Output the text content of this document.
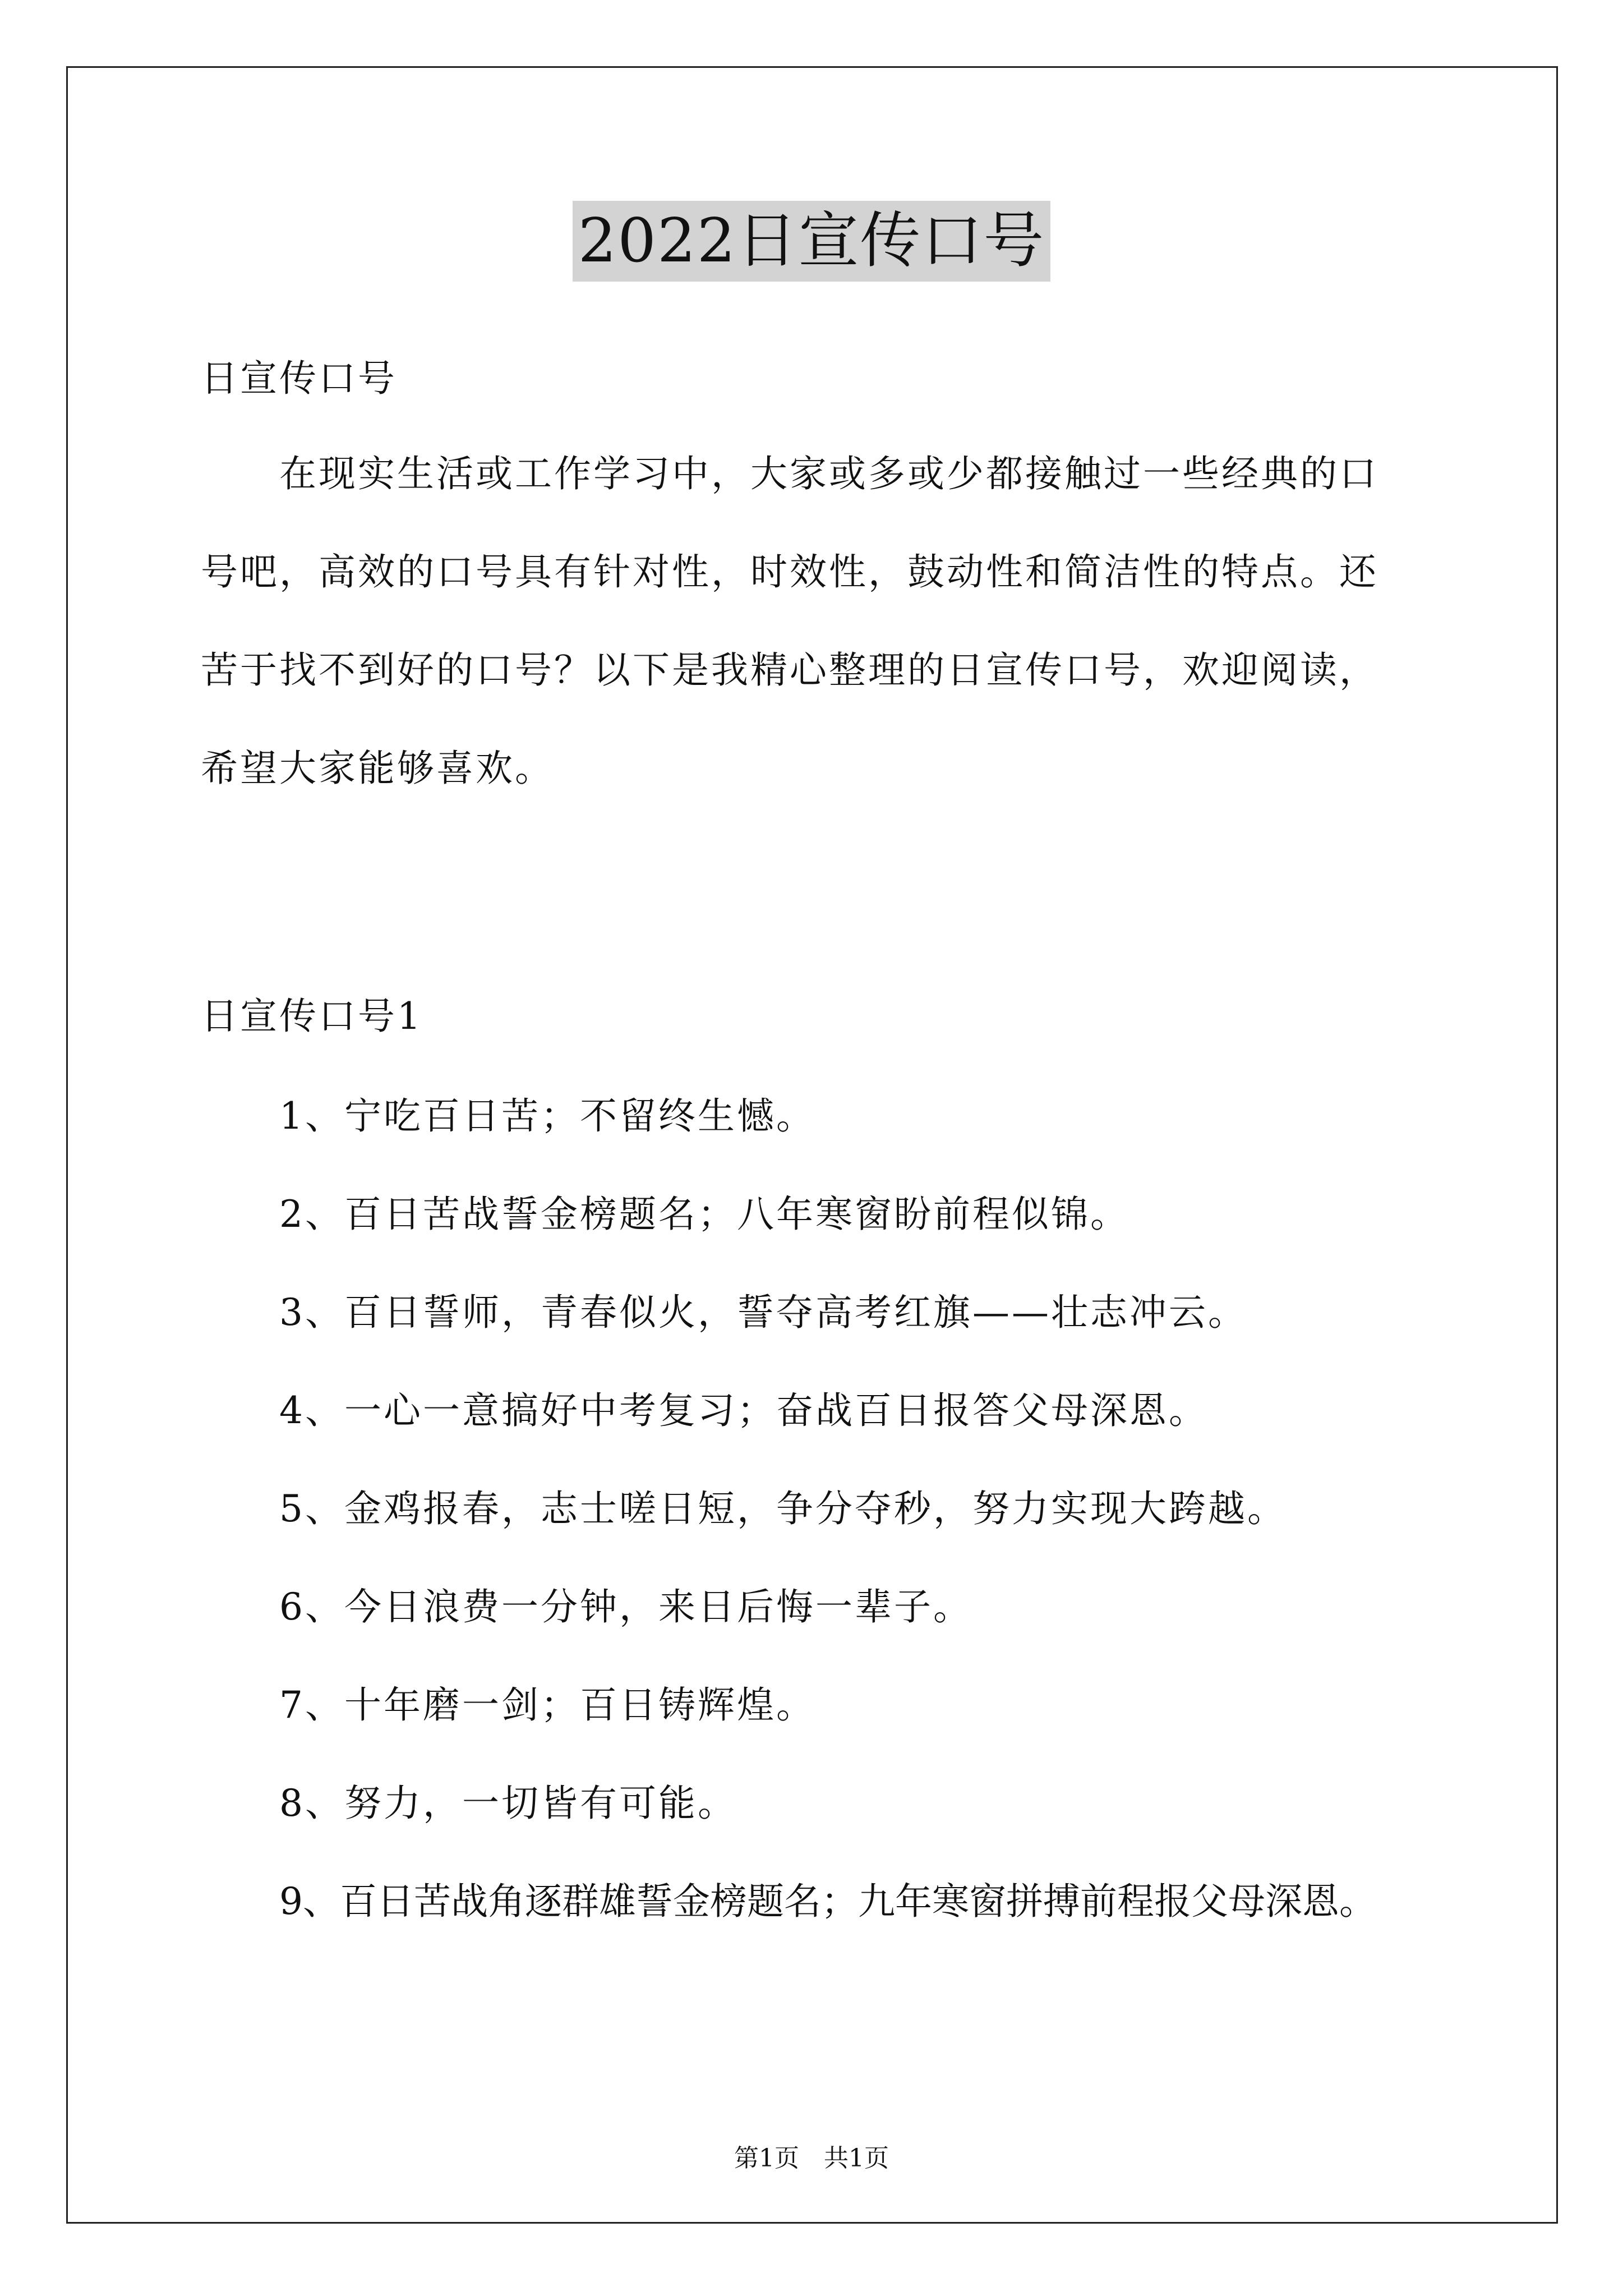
2022日宣传口号
日宣传口号
在现实生活或工作学习中，大家或多或少都接触过一些经典的口
号吧，高效的口号具有针对性，时效性，鼓动性和简洁性的特点。还
苦于找不到好的口号？以下是我精心整理的日宣传口号，欢迎阅读，
希望大家能够喜欢。
日宣传口号1
1、宁吃百日苦；不留终生憾。
2、百日苦战誓金榜题名；八年寒窗盼前程似锦。
3、百日誓师，青春似火，誓夺高考红旗——壮志冲云。
4、一心一意搞好中考复习；奋战百日报答父母深恩。
5、金鸡报春，志士嗟日短，争分夺秒，努力实现大跨越。
6、今日浪费一分钟，来日后悔一辈子。
7、十年磨一剑；百日铸辉煌。
8、努力，一切皆有可能。
9、百日苦战角逐群雄誓金榜题名；九年寒窗拼搏前程报父母深恩。
第1页　共1页
